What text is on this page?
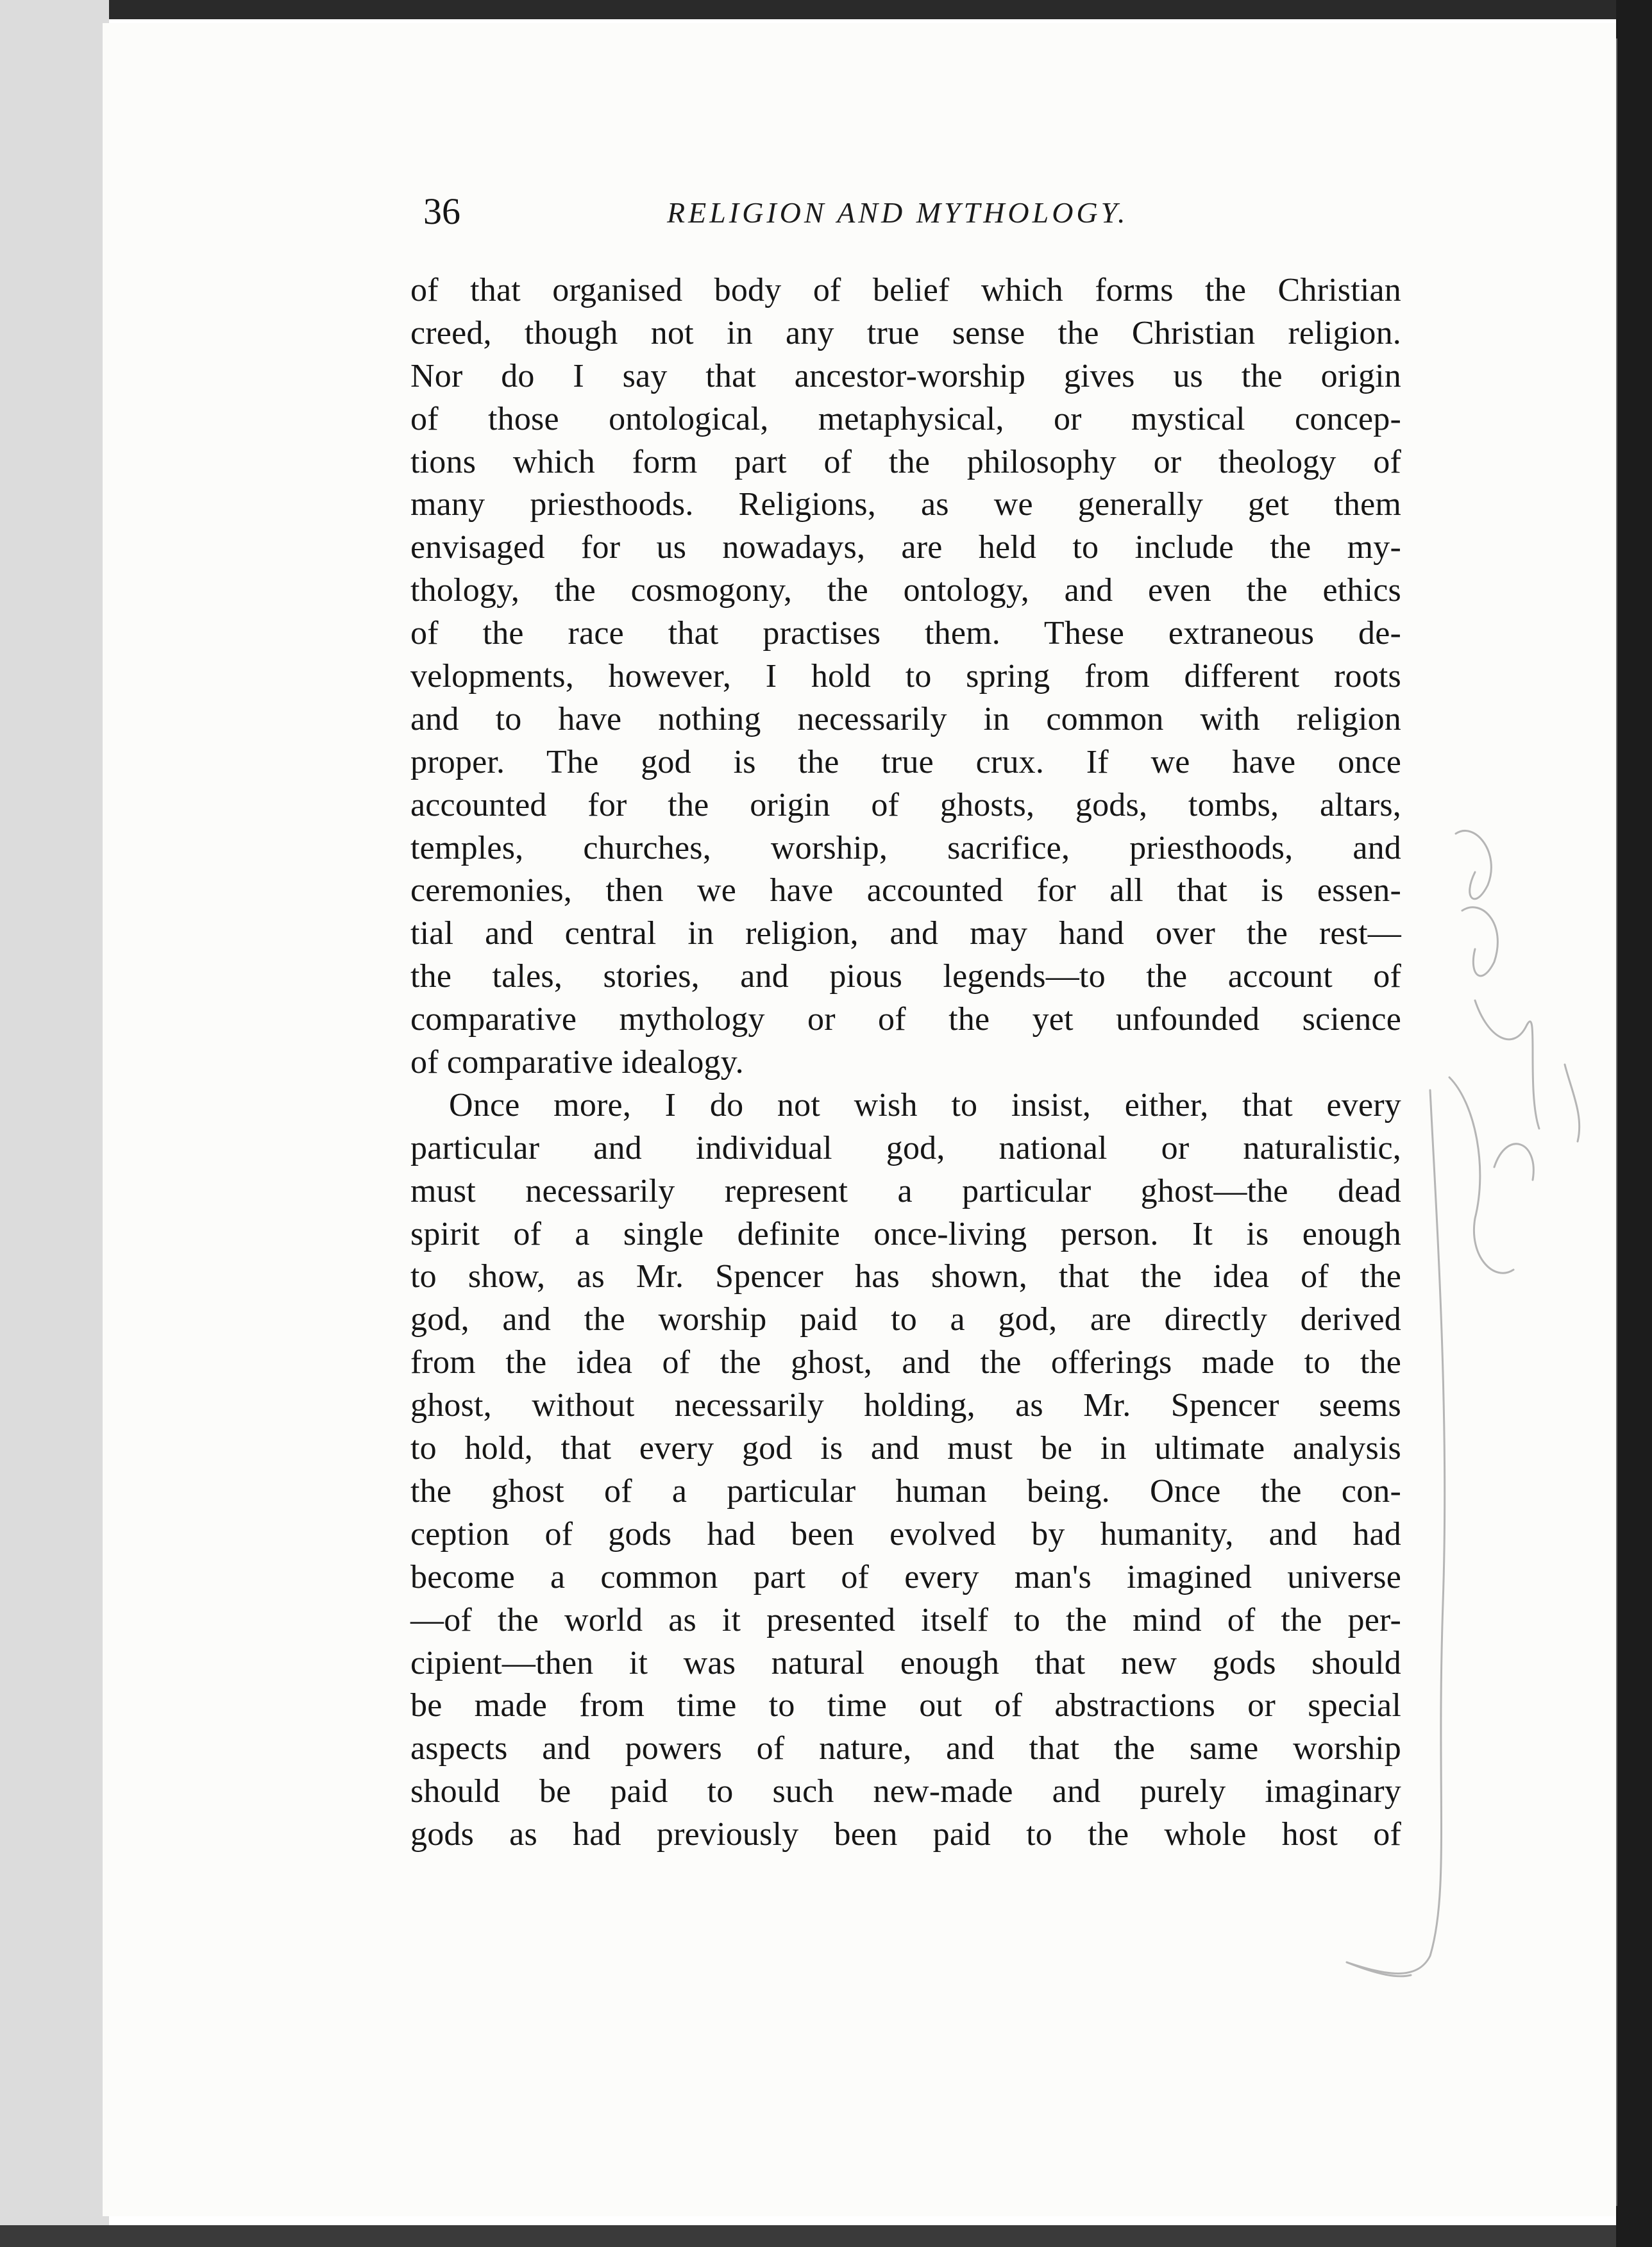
36	RELIGION AND MYTHOLOGY.
of that organised body of belief which forms the Christian
creed, though not in any true sense the Christian religion.
Nor do I say that ancestor-worship gives us the origin
of those ontological, metaphysical, or mystical concep-
tions which form part of the philosophy or theology of
many priesthoods. Religions, as we generally get them
envisaged for us nowadays, are held to include the my-
thology, the cosmogony, the ontology, and even the ethics
of the race that practises them. These extraneous de-
velopments, however, I hold to spring from different roots
and to have nothing necessarily in common with religion
proper. The god is the true crux. If we have once
accounted for the origin of ghosts, gods, tombs, altars,
temples, churches, worship, sacrifice, priesthoods, and
ceremonies, then we have accounted for all that is essen-
tial and central in religion, and may hand over the rest—
the tales, stories, and pious legends—to the account of
comparative mythology or of the yet unfounded science
of comparative idealogy.
Once more, I do not wish to insist, either, that every
particular and individual god, national or naturalistic,
must necessarily represent a particular ghost—the dead
spirit of a single definite once-living person. It is enough
to show, as Mr. Spencer has shown, that the idea of the
god, and the worship paid to a god, are directly derived
from the idea of the ghost, and the offerings made to the
ghost, without necessarily holding, as Mr. Spencer seems
to hold, that every god is and must be in ultimate analysis
the ghost of a particular human being. Once the con-
ception of gods had been evolved by humanity, and had
become a common part of every man's imagined universe
—of the world as it presented itself to the mind of the per-
cipient—then it was natural enough that new gods should
be made from time to time out of abstractions or special
aspects and powers of nature, and that the same worship
should be paid to such new-made and purely imaginary
gods as had previously been paid to the whole host of
